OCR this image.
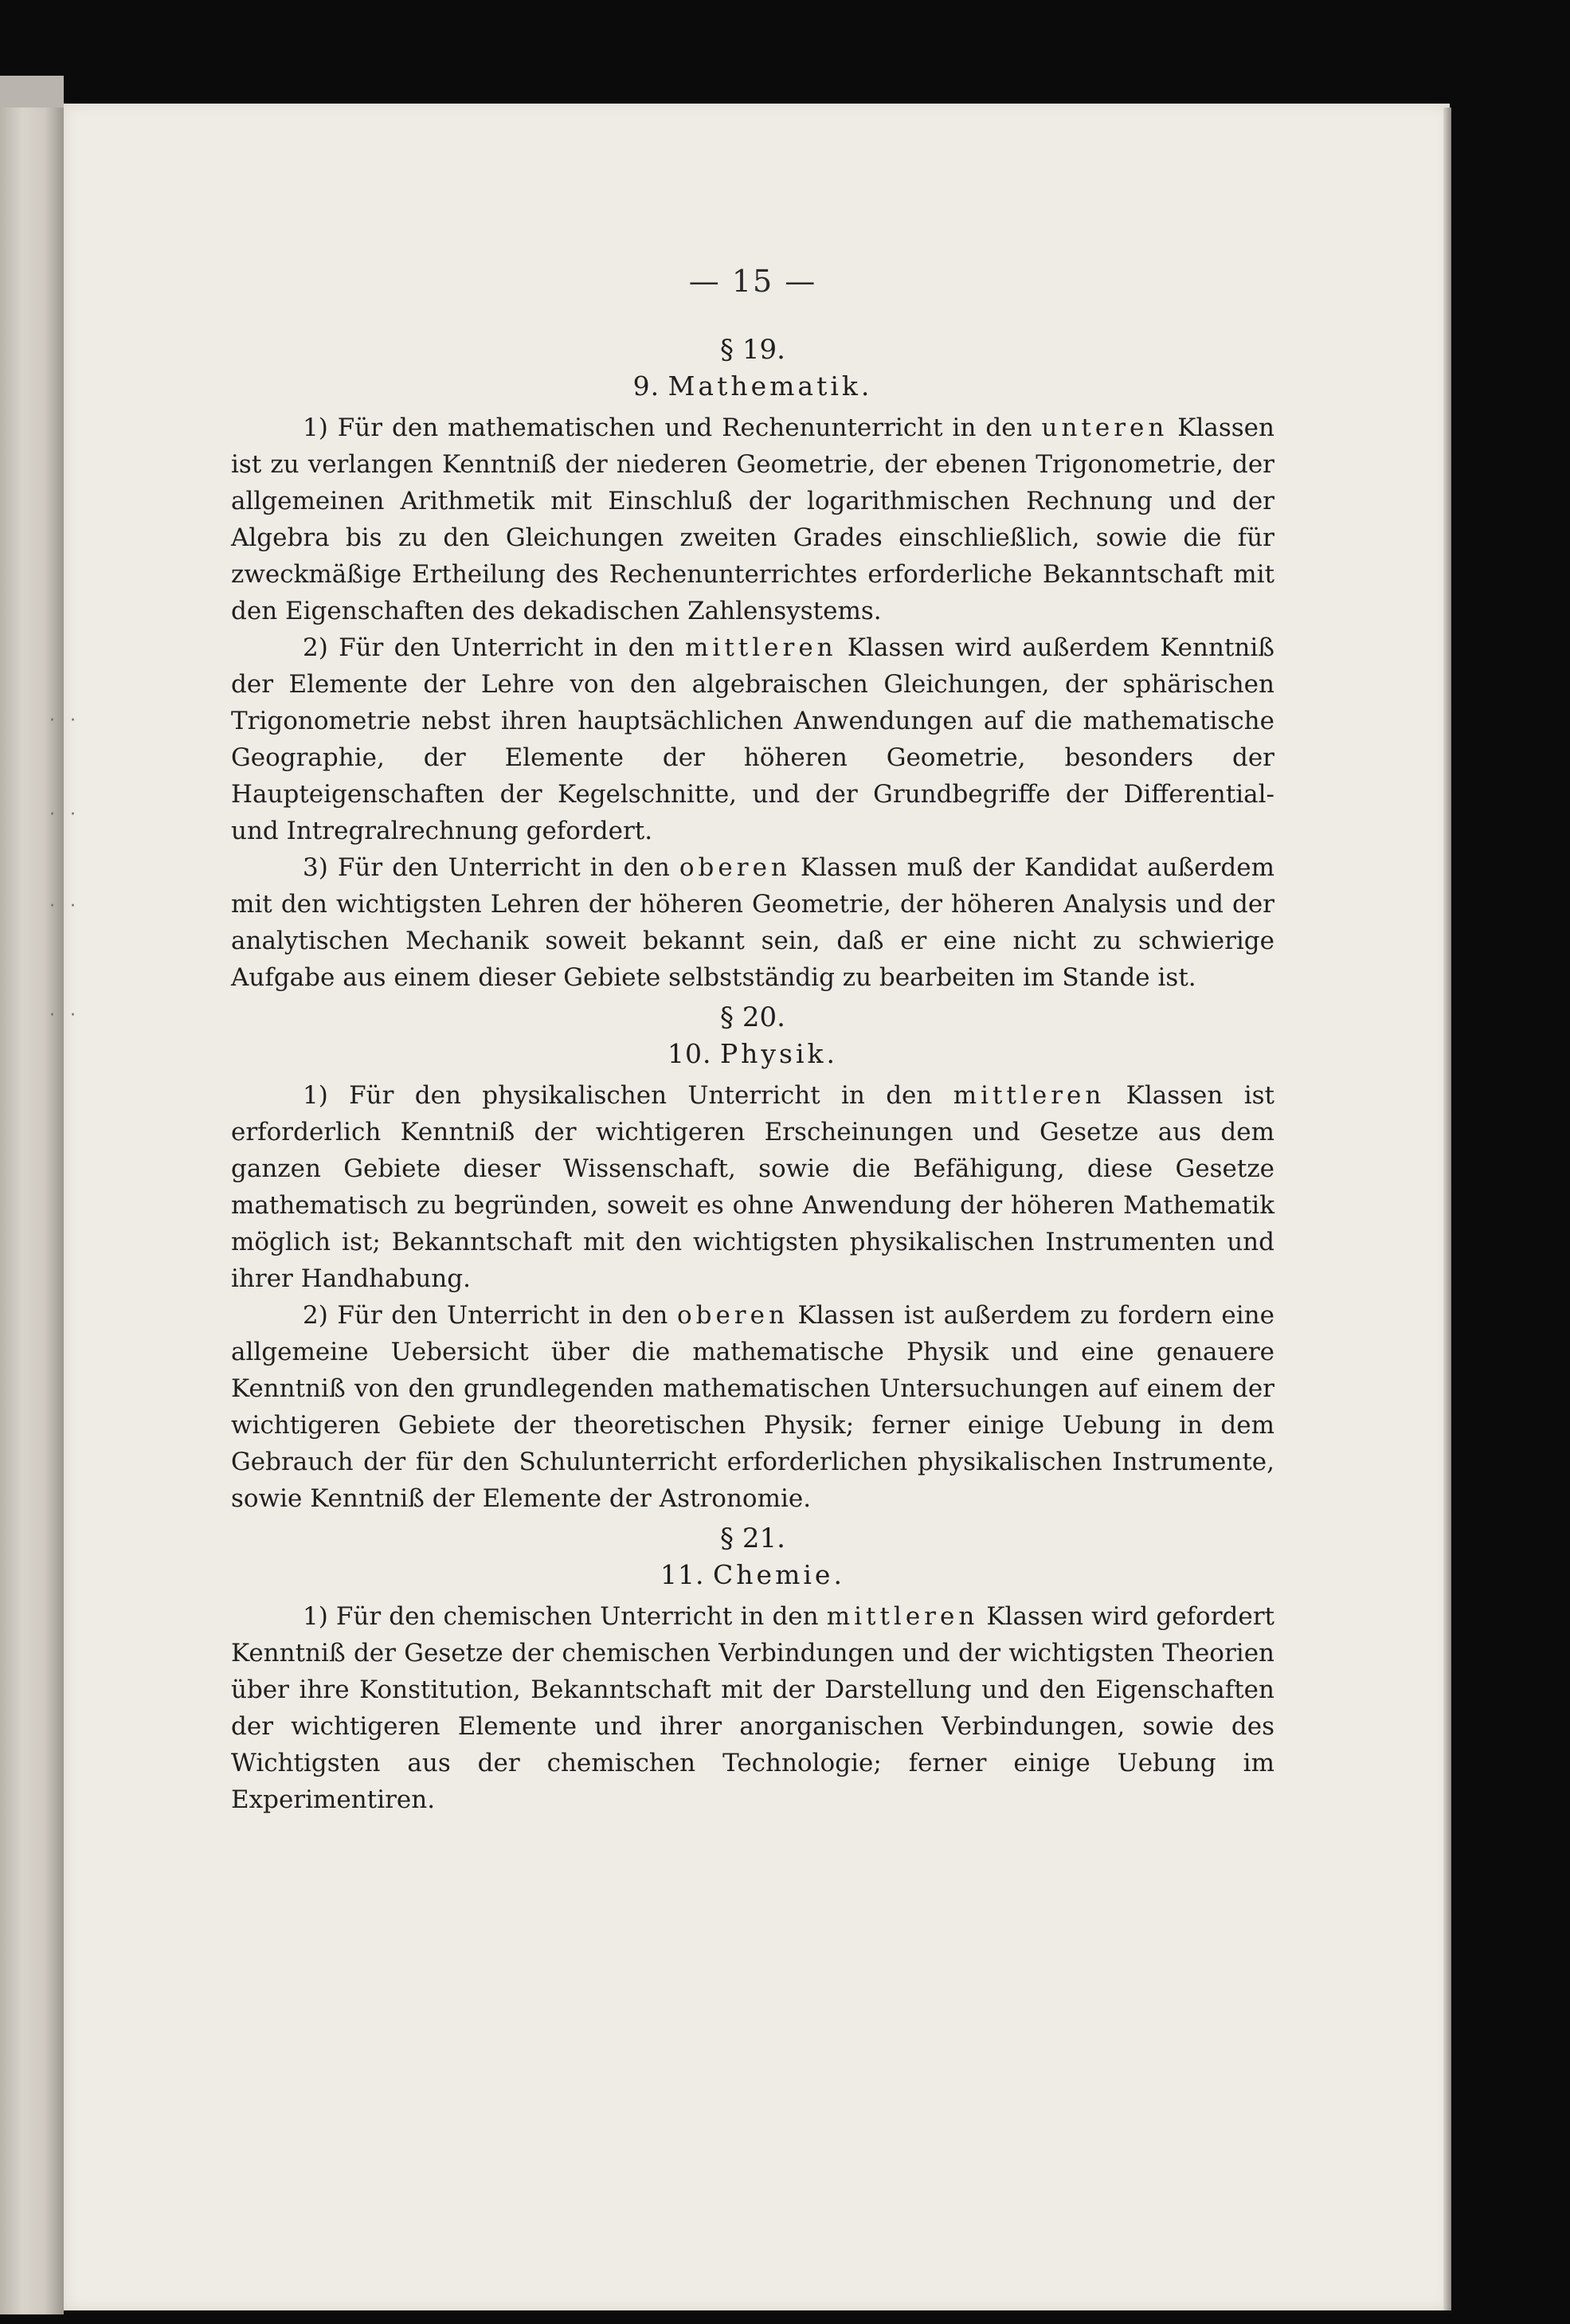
· ·
· ·
· ·
· ·
— 15 —
§ 19.
9. Mathematik.

1) Für den mathematischen und Rechenunterricht in den unteren Klassen ist zu verlangen Kenntniß der niederen Geometrie, der ebenen Trigonometrie, der allgemeinen Arithmetik mit Einschluß der logarithmischen Rechnung und der Algebra bis zu den Gleichungen zweiten Grades einschließlich, sowie die für zweckmäßige Ertheilung des Rechenunterrichtes erforderliche Bekanntschaft mit den Eigenschaften des dekadischen Zahlensystems.

2) Für den Unterricht in den mittleren Klassen wird außerdem Kenntniß der Elemente der Lehre von den algebraischen Gleichungen, der sphärischen Trigonometrie nebst ihren hauptsächlichen Anwendungen auf die mathematische Geographie, der Elemente der höheren Geometrie, besonders der Haupteigenschaften der Kegelschnitte, und der Grundbegriffe der Differential- und Intregralrechnung gefordert.

3) Für den Unterricht in den oberen Klassen muß der Kandidat außerdem mit den wichtigsten Lehren der höheren Geometrie, der höheren Analysis und der analytischen Mechanik soweit bekannt sein, daß er eine nicht zu schwierige Aufgabe aus einem dieser Gebiete selbstständig zu bearbeiten im Stande ist.

§ 20.
10. Physik.

1) Für den physikalischen Unterricht in den mittleren Klassen ist erforderlich Kenntniß der wichtigeren Erscheinungen und Gesetze aus dem ganzen Gebiete dieser Wissenschaft, sowie die Befähigung, diese Gesetze mathematisch zu begründen, soweit es ohne Anwendung der höheren Mathematik möglich ist; Bekanntschaft mit den wichtigsten physikalischen Instrumenten und ihrer Handhabung.

2) Für den Unterricht in den oberen Klassen ist außerdem zu fordern eine allgemeine Uebersicht über die mathematische Physik und eine genauere Kenntniß von den grundlegenden mathematischen Untersuchungen auf einem der wichtigeren Gebiete der theoretischen Physik; ferner einige Uebung in dem Gebrauch der für den Schulunterricht erforderlichen physikalischen Instrumente, sowie Kenntniß der Elemente der Astronomie.

§ 21.
11. Chemie.

1) Für den chemischen Unterricht in den mittleren Klassen wird gefordert Kenntniß der Gesetze der chemischen Verbindungen und der wichtigsten Theorien über ihre Konstitution, Bekanntschaft mit der Darstellung und den Eigenschaften der wichtigeren Elemente und ihrer anorganischen Verbindungen, sowie des Wichtigsten aus der chemischen Technologie; ferner einige Uebung im Experimentiren.
